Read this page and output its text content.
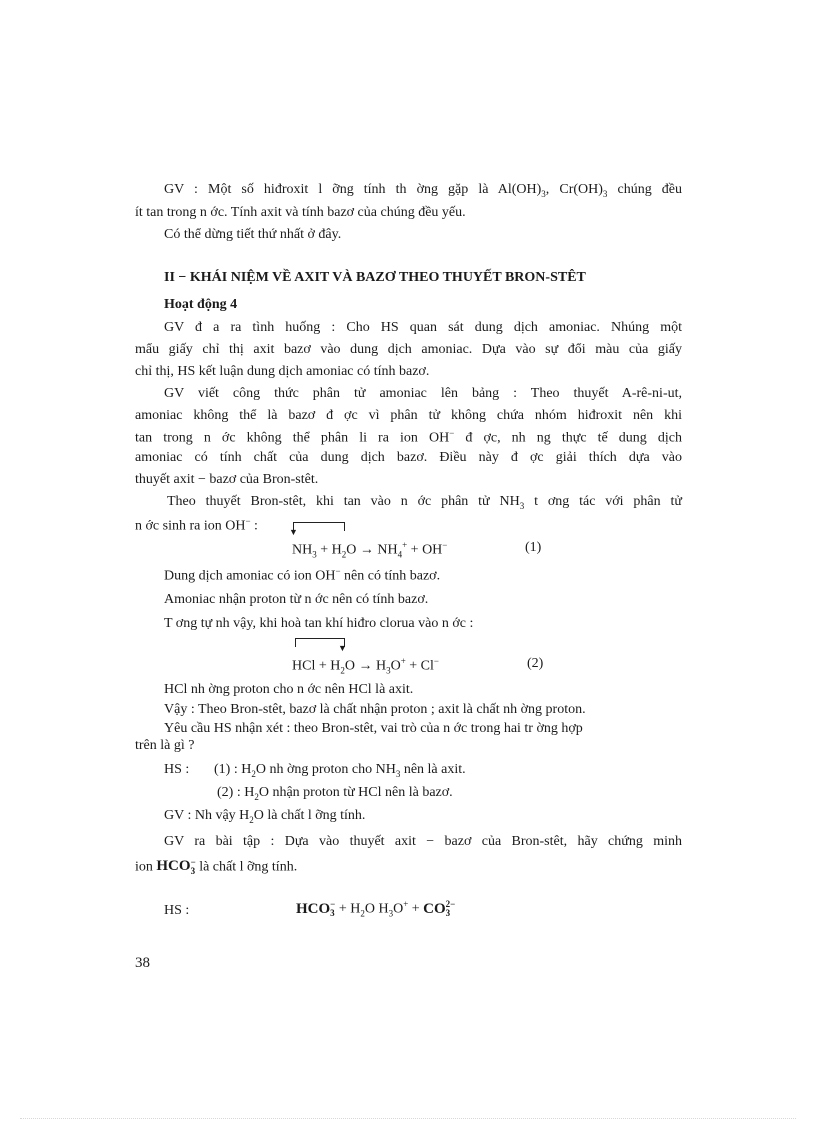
GV : Một số hiđroxit l ỡng tính th ờng gặp là $Al(OH)_3$, $Cr(OH)_3$ chúng đều
ít tan trong n ớc. Tính axit và tính bazơ của chúng đều yếu.
Có thể dừng tiết thứ nhất ở đây.
II − KHÁI NIỆM VỀ AXIT VÀ BAZƠ THEO THUYẾT BRON-STÊT
Hoạt động 4
GV đ a ra tình huống : Cho HS quan sát dung dịch amoniac. Nhúng một
mẩu giấy chỉ thị axit bazơ vào dung dịch amoniac. Dựa vào sự đổi màu của giấy
chỉ thị, HS kết luận dung dịch amoniac có tính bazơ.
GV viết công thức phân tử amoniac lên bảng : Theo thuyết A-rê-ni-ut,
amoniac không thể là bazơ đ ợc vì phân tử không chứa nhóm hiđroxit nên khi
tan trong n ớc không thể phân li ra ion OH− đ ợc, nh ng thực tế dung dịch
amoniac có tính chất của dung dịch bazơ. Điều này đ ợc giải thích dựa vào
thuyết axit − bazơ của Bron-stêt.
Theo thuyết Bron-stêt, khi tan vào n ớc phân tử $NH_3$ t ơng tác với phân tử
n ớc sinh ra ion OH− :	▼
$NH_3 + H_2O \to NH_4^+ + OH^-$	(1)
Dung dịch amoniac có ion OH− nên có tính bazơ.
Amoniac nhận proton từ n ớc nên có tính bazơ.
T ơng tự nh vậy, khi hoà tan khí hiđro clorua vào n ớc :
▼
HCl + $H_2O \to H_3O^+ + Cl^-$	(2)
HCl nh ờng proton cho n ớc nên HCl là axit.
Vậy : Theo Bron-stêt, bazơ là chất nhận proton ; axit là chất nh ờng proton.
Yêu cầu HS nhận xét : theo Bron-stêt, vai trò của n ớc trong hai tr ờng hợp
trên là gì ?
HS :	(1) : $H_2O$ nh ờng proton cho $NH_3$ nên là axit.
(2) : $H_2O$ nhận proton từ HCl nên là bazơ.
GV : Nh vậy $H_2O$ là chất l ỡng tính.
GV ra bài tập : Dựa vào thuyết axit − bazơ của Bron-stêt, hãy chứng minh
ion HCO −
3 là chất l ỡng tính.
HS :	HCO −
$3 + H_2O$ $H_3O^+$ + CO 2−
3
38
